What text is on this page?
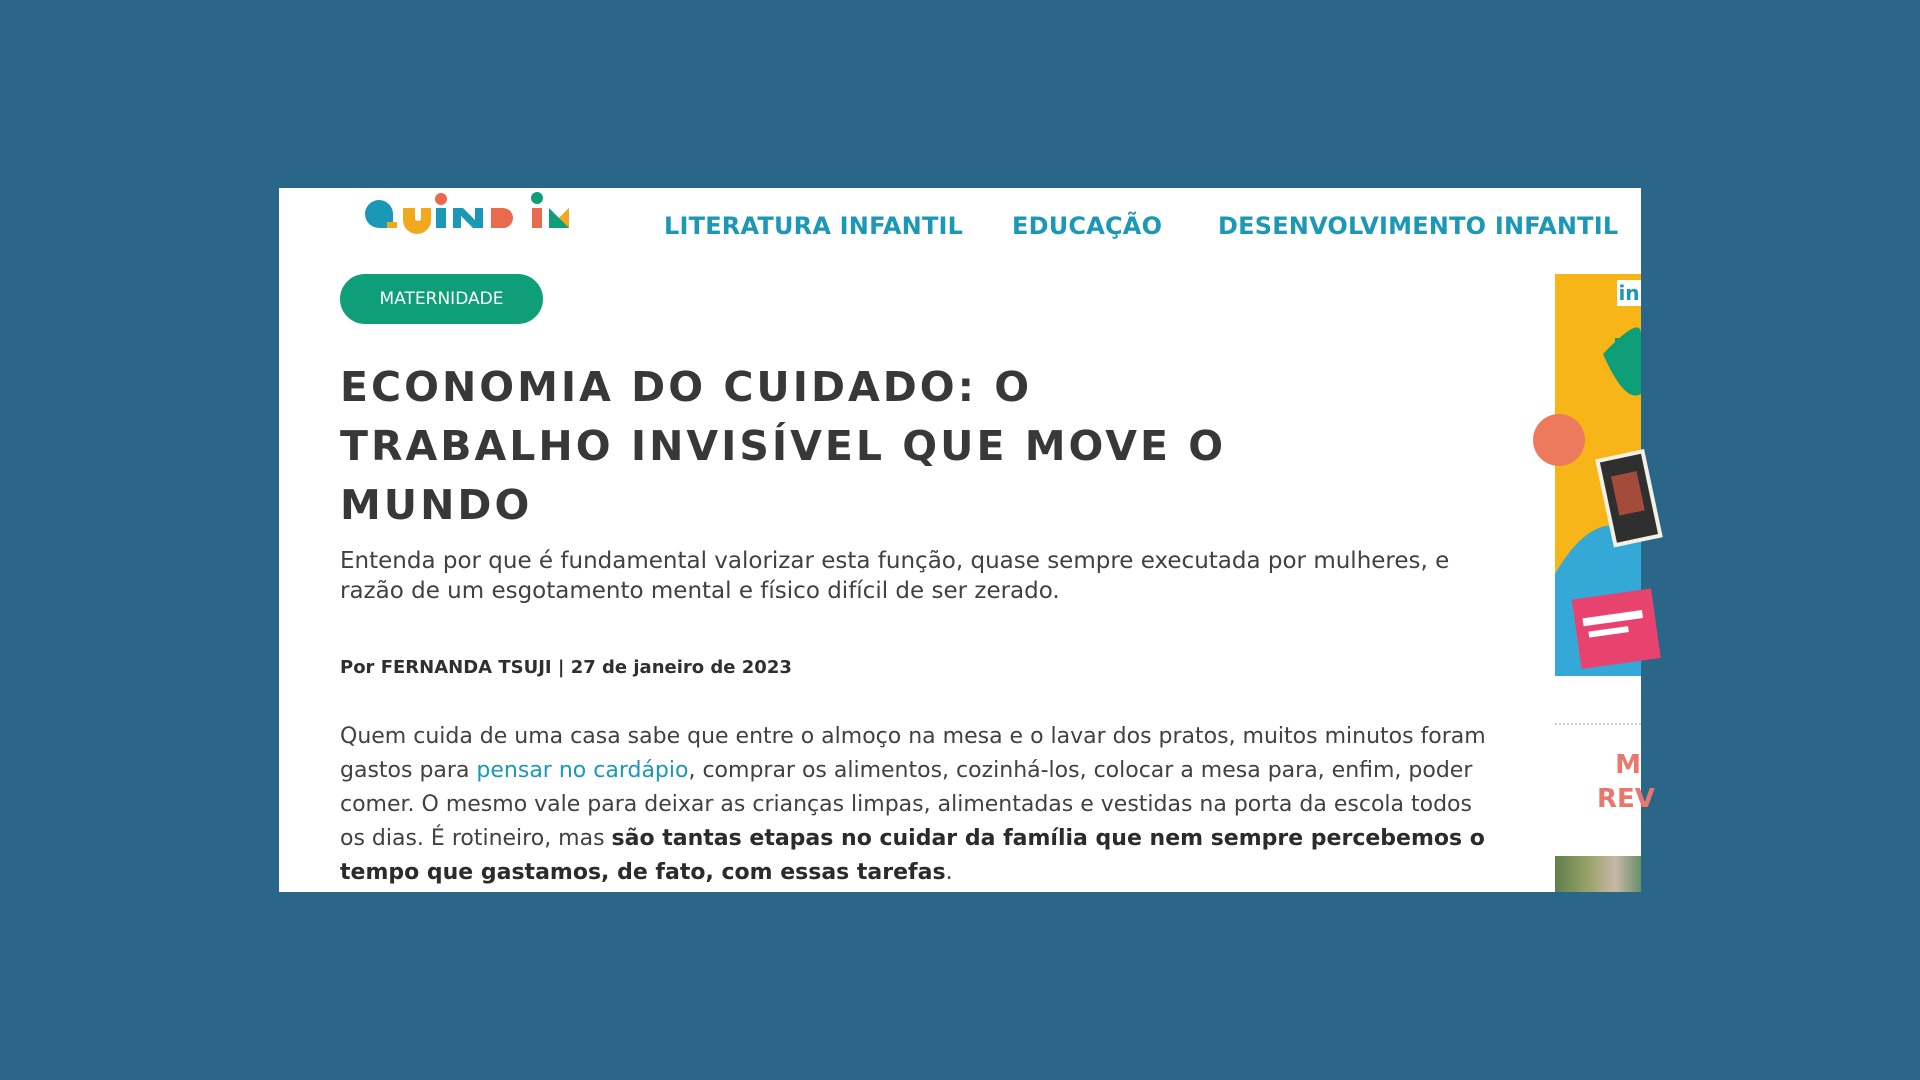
LITERATURA INFANTIL EDUCAÇÃO DESENVOLVIMENTO INFANTIL
MATERNIDADE
ECONOMIA DO CUIDADO: O TRABALHO INVISÍVEL QUE MOVE O MUNDO

Entenda por que é fundamental valorizar esta função, quase sempre executada por mulheres, e razão de um esgotamento mental e físico difícil de ser zerado.

Por FERNANDA TSUJI | 27 de janeiro de 2023

Quem cuida de uma casa sabe que entre o almoço na mesa e o lavar dos pratos, muitos minutos foram gastos para pensar no cardápio, comprar os alimentos, cozinhá-los, colocar a mesa para, enfim, poder comer. O mesmo vale para deixar as crianças limpas, alimentadas e vestidas na porta da escola todos os dias. É rotineiro, mas são tantas etapas no cuidar da família que nem sempre percebemos o tempo que gastamos, de fato, com essas tarefas.

in
M
REV
